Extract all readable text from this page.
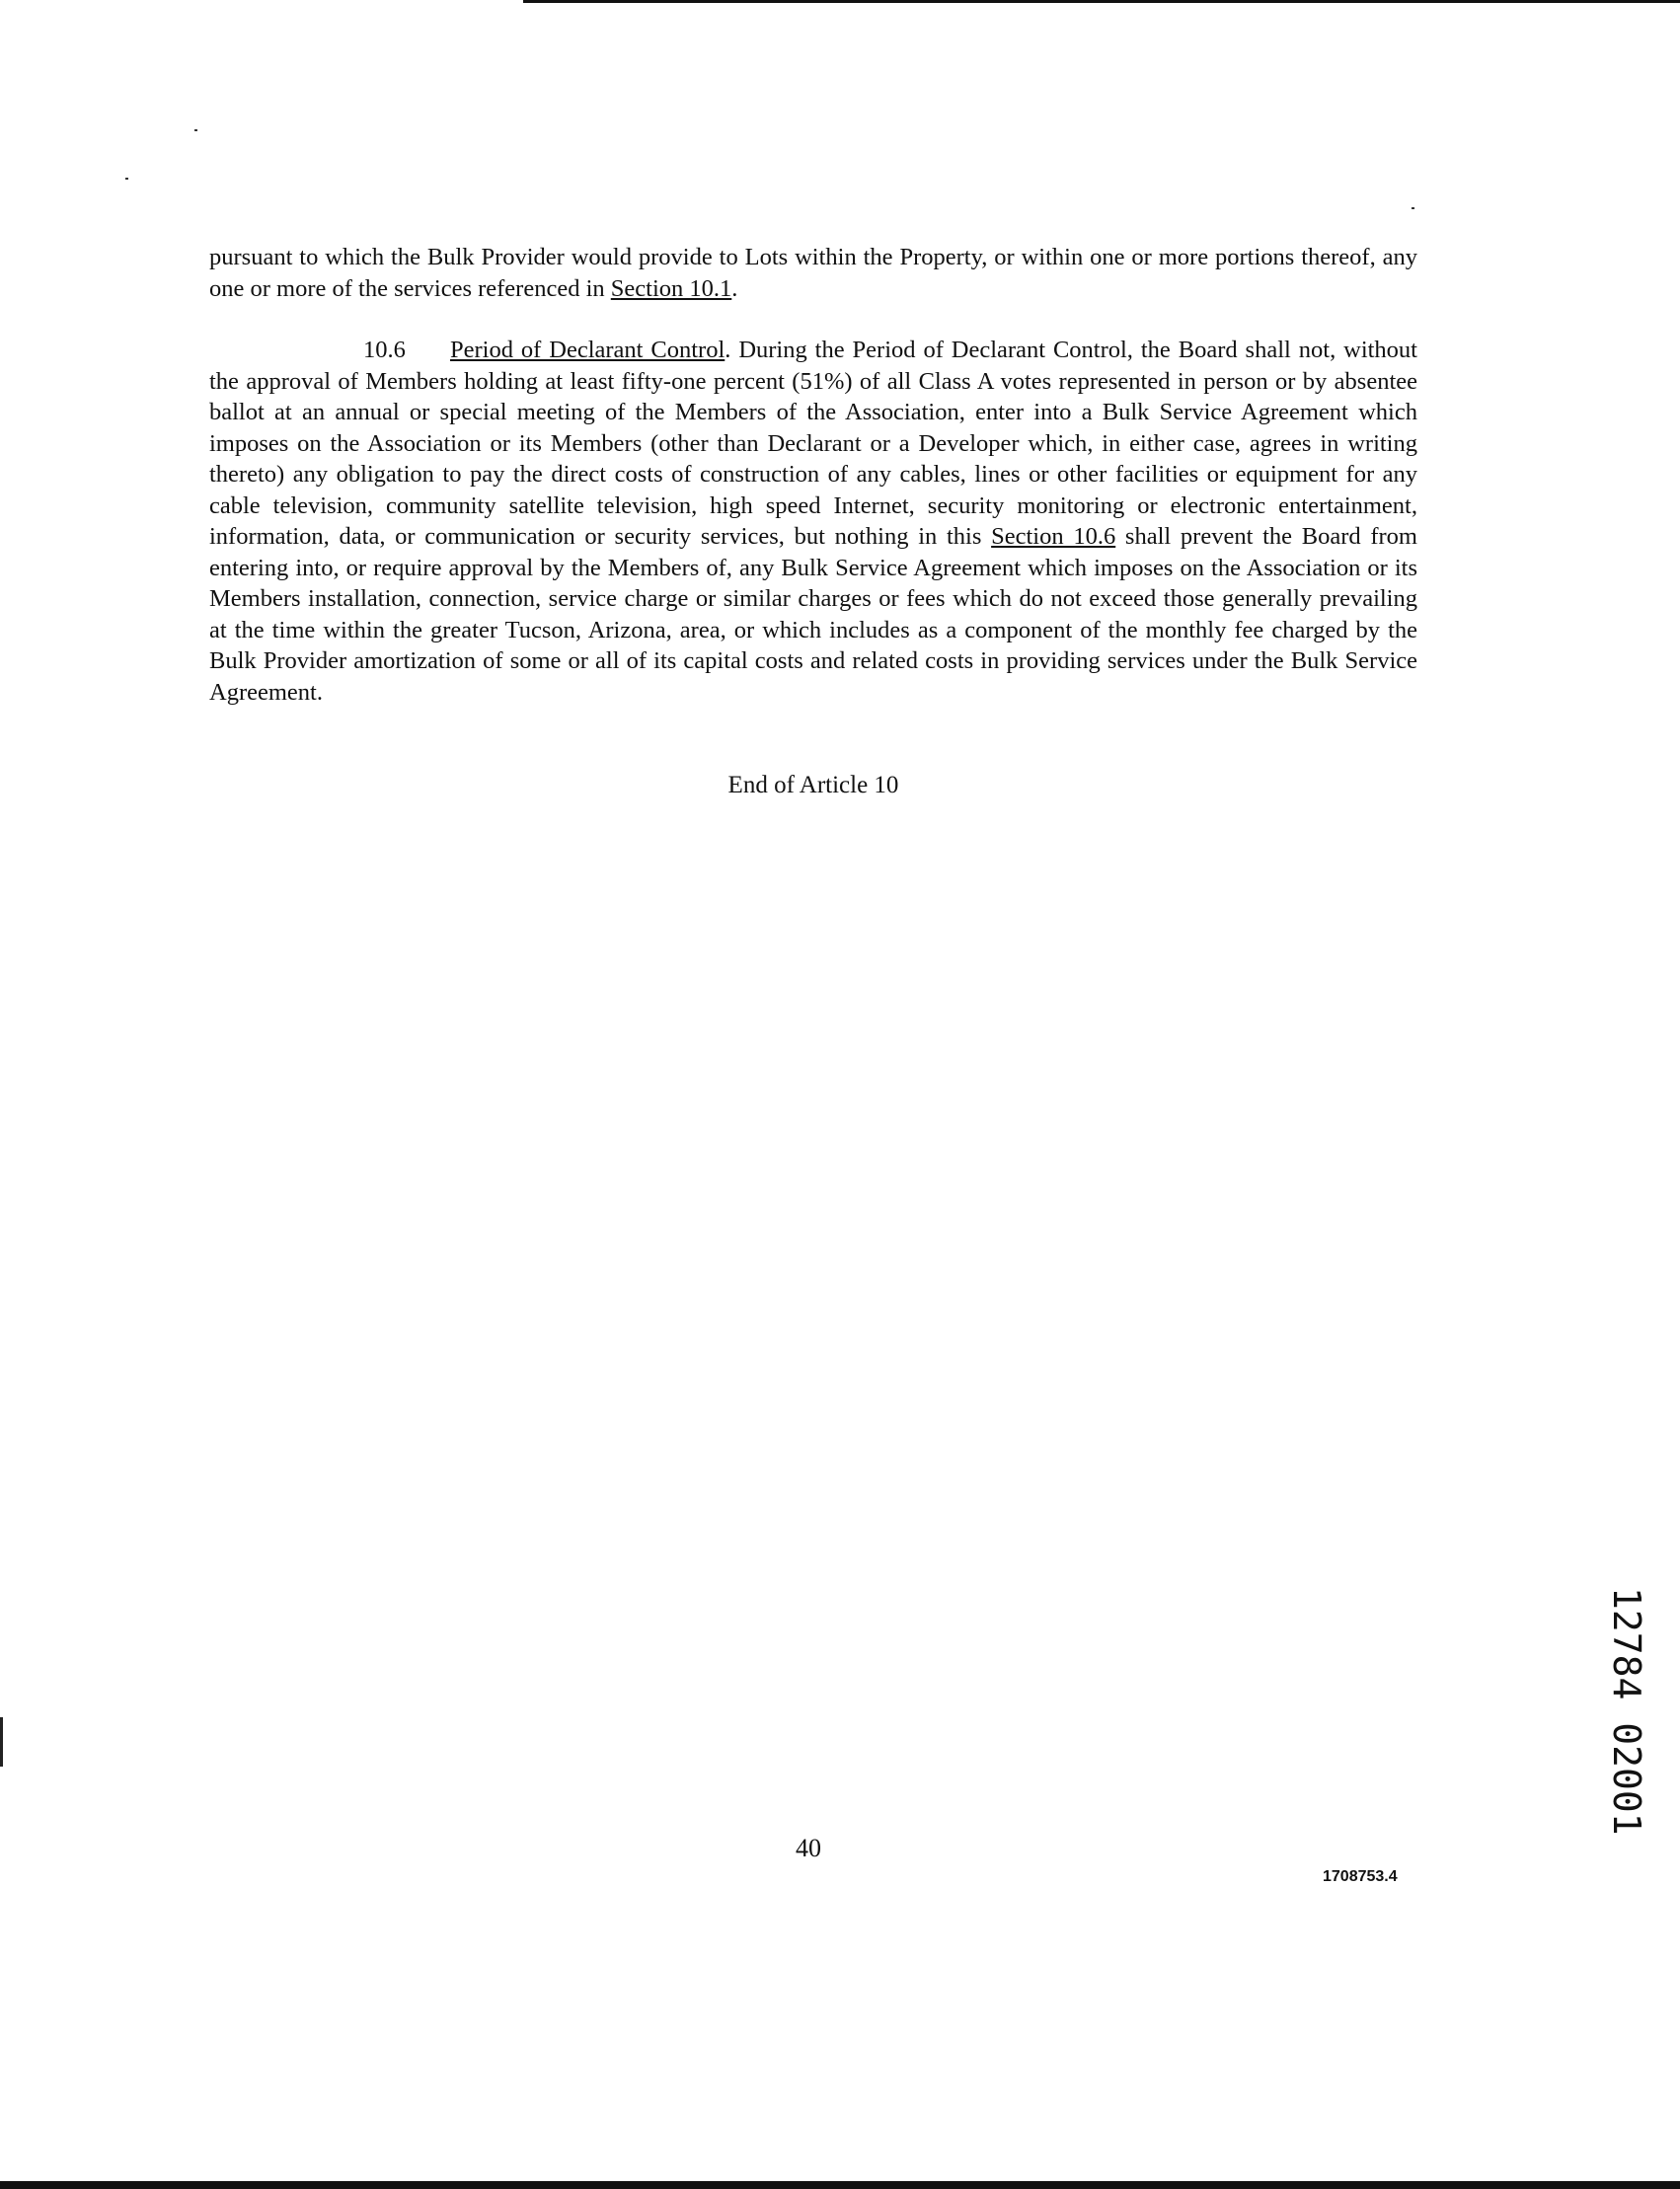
pursuant to which the Bulk Provider would provide to Lots within the Property, or within one or more portions thereof, any one or more of the services referenced in Section 10.1.

10.6 Period of Declarant Control. During the Period of Declarant Control, the Board shall not, without the approval of Members holding at least fifty-one percent (51%) of all Class A votes represented in person or by absentee ballot at an annual or special meeting of the Members of the Association, enter into a Bulk Service Agreement which imposes on the Association or its Members (other than Declarant or a Developer which, in either case, agrees in writing thereto) any obligation to pay the direct costs of construction of any cables, lines or other facilities or equipment for any cable television, community satellite television, high speed Internet, security monitoring or electronic entertainment, information, data, or communication or security services, but nothing in this Section 10.6 shall prevent the Board from entering into, or require approval by the Members of, any Bulk Service Agreement which imposes on the Association or its Members installation, connection, service charge or similar charges or fees which do not exceed those generally prevailing at the time within the greater Tucson, Arizona, area, or which includes as a component of the monthly fee charged by the Bulk Provider amortization of some or all of its capital costs and related costs in providing services under the Bulk Service Agreement.

End of Article 10

40

1708753.4

12784 02001
